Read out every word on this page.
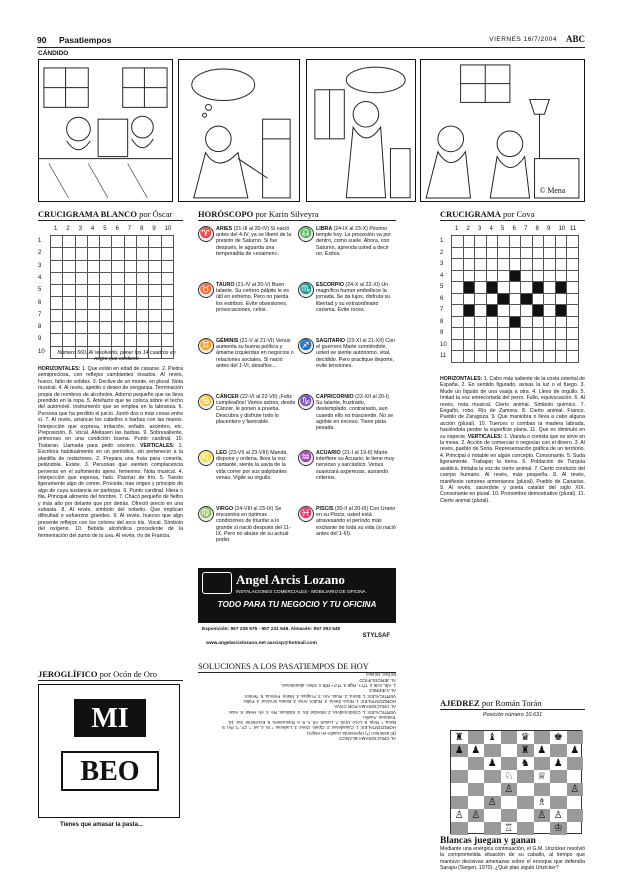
90 Pasatiempos	VIERNES 16/7/2004 ABC
CÁNDIDO
© Mena
CRUCIGRAMA BLANCO por Óscar
1 2 3 4 5 6 7 8 9 10
1
2
3
4
5
6
7
8
9
10

										Número 560. Al resolverlo, poner los 14 cuadros en negro que contiene
HORIZONTALES: 1. Que están en edad de casarse. 2. Piedra semipreciosa, con reflejos cambiantes irisados. Al revés, hueco, falto de solidez. 3. Declive de un monte, en plural. Nota musical. 4. Al revés, apetito o deseo de venganza. Terminación propia de nombres de alcoholes. Adorno pequeño que se lleva prendido en la ropa. 5. Artefacto que se coloca sobre el techo del automóvil. Instrumento que se emplea en la labranza. 6. Persona que ha perdido el juicio. Juntó dos o más cosas entre sí. 7. Al revés, arrancar los cabellos o barbas con las manos. Interjección que expresa, irritación, enfado, asombro, etc. Preposición. 8. Vocal. Afeitasen las barbas. 9. Sobresaliente, primoroso en una condición buena. Punto cardinal. 10. Tostaran. Llamada para pedir socorro. VERTICALES: 1. Escritora habitualmente en un periódico, sin pertenecer a la plantilla de redactores. 2. Prepara una fruta para comerla, pelándola. Existe. 3. Personas que sienten complacencia perversa en el sufrimiento ajeno, femenino. Nota musical. 4. Interjección que expresa, halo. Pasmar de frío. 5. Tuesto ligeramente algo de comer. Procede, trae origen y principio de algo de cuya sustancia se participa. 6. Punto cardinal. Hiera o fila. Principal alimento del hombre. 7. Chacó pequeño de fieltro y más alto por delante que por detrás. Ofreció precio en una subasta. 8. Al revés, símbolo del nobelio. Que implican dificultad o esfuerzos grandes. 9. Al revés, huecos que algo presente reflejos con los colores del arco iris. Vocal. Símbolo del oxígeno. 10. Bebida alcohólica procedente de la fermentación del zumo de la uva. Al revés, río de Francia.
HORÓSCOPO por Karin Silveyra
♈ ARIES (21-III al 20-IV) Si nació antes del 4-IV, ya se liberó de la presión de Saturno. Si fue después, le aguarda una temporadita de «examen».
♎ LIBRA (24-IX al 23-X) Pésimo temple hoy. La procesión va por dentro, como suele. Ahora, con Saturno, aprenda usted a decir no. Éxitos.
♉ TAURO (21-IV al 20-V) Buen talante. Su certero pálpito le es útil en extremo. Pero no pierda los estribos. Evite obsesiones, provocaciones, celos.
♏ ESCORPIO (24-X al 22-XI) Un magnífico humor embellece la jornada. Se da lujos, disfruta su libertad y su extraordinario carisma. Evite roces.
♊ GÉMINIS (21-V al 21-VI) Venus aumenta su buena política y ámame izquierdas en negocios o relaciones sociales. Si nació antes del 1-VI, desafíos...
♐ SAGITARIO (23-XI al 21-XII) Con el guerrero Marte sonriéndole, usted se siente autónomo, vital, decidido. Pero practique deporte, evite tensiones.
♋ CÁNCER (22-VI al 22-VII) ¡Feliz cumpleaños! Varios astros, desde Cáncer, le ponen a prueba. Descubra y disfrute todo lo placentero y favorable.
♑ CAPRICORNIO (22-XII al 20-I) Su talante, frustrado, destemplado, contrariado, aun cuando ello no trasciende. No se agobie en exceso. Tiene pista pesada.
♌ LEO (23-VII al 23-VIII) Mandá, dispone y ordena, lleva la voz cantante, siente la savia de la vida correr por sus palpitantes venas. Vigile su orgullo.
♒ ACUARIO (21-I al 19-II) Marte interfiere su Acuario; le tiene muy nervioso y sarcástico. Venus suavizará asperezas, aunando criterios.
♍ VIRGO (24-VIII al 23-IX) Se encuentra en óptimas condiciones de triunfar a lo grande si nació después del 11-IX. Pero no abuse de su actual poder.
♓ PISCIS (20-II al 20-III) Con Urano en su Piscis, usted está atravesando el período más excitante de toda su vida (si nació antes del 1-III).
Angel Arcis Lozano
INSTALACIONES COMERCIALES - MOBILIARIO DE OFICINA
TODO PARA TU NEGOCIO Y TU OFICINA
Exposición: 957 235 575 - 957 231 948. Almacén: 957 293 545
www.angelarcislozano.net aarcisp@hotmail.com
STYLSAF
SOLUCIONES A LOS PASATIEMPOS DE HOY
AL CRUCIGRAMA BLANCO
(El asterisco (*) representa cuadro en negro)
HORIZONTALES: 1. Casaderas. 2. Ópalo. Oniul. 3. Laderas. * Si. 4. arr. *. O*. *l. Pin. 5.
Baca. *. Reja. 6. Loco. Unió. 7. Lanart. Ah. A. 8. A. Rasurasen. 9. Excelente. Sur. 10.
Tostaran. Auxilio.
VERTICALES: 1. Colaboradora. 2. Mondar. Es. 3. Sádicas. Re. 4. Ah. Helar. 5. Asar.
AL CRUCIGRAMA POR COVA
HORIZONTALES: 1. Roca. Iberia. 2. Rubor. Ama. 3. Brasa. Encinar. 4. Falta.
VERTICALES: 1. Barra. 2. Ruta. Aro. 3. Fragua. 4. Mano. Fenicia. 5. Tensor.
AL AJEDREZ
1. Af6, Cd6 2. Tf7+, Rg8 3. Th7+ Rf8 4. Dh6+ abandonan.
AL JEROGLÍFICO
Mi beo, Mi Beo
CRUCIGRAMA por Cova
1 2 3 4 5 6 7 8 9 10 11
1
2
3
4
5
6
7
8
9
10
11

HORIZONTALES: 1. Cabo más saliente de la costa oriental de España. 2. En sentido figurado, avivas la luz o el fuego. 3. Mude un líquido de una vasija a otra. 4. Lleno de orgullo. 5. Imitad la voz entrecortada del perro. Fallo, equivocación. 6. Al revés, nota musical. Cierto animal. Símbolo químico. 7. Engaño, robo. Río de Zamora. 8. Cierto animal. Franco. Pueblo de Zaragoza. 9. Que maniobra o lleva a cabo alguna acción (plural). 10. Tuerces o combas la madera labrada, haciéndola perder la superficie plana. 11. Que es diminuto en su especie. VERTICALES: 1. Vianda o comida que se sirve en la mesa. 2. Acción de comerciar o negociar con el dinero. 3. Al revés, pueblo de Soria. Representación gráfica de un territorio. 4. Principal o notable en algún concepto. Consonante. 5. Suda ligeramente. Trabajan la tierra. 6. Población de Turquía asiática. Imitaba la voz de cierto animal. 7. Cierto conducto del cuerpo humano. Al revés, más pequeña. 8. Al revés, manifiesto rumores armenianos (plural). Pueblo de Canarias. 9. Al revés, sacerdote y poeta catalán del siglo XIX. Consonante en plural. 10. Pronombre demostrativo (plural). 11. Cierto animal (plural).
AJEDREZ por Román Torán
Posición número 10.631
♜	♝	♛	♚
♟ ♟	♜ ♟	♟
♟	♞	♟
♘	♕
♙	♙
♙	♗
♙ ♙	♙ ♙
♖	♔
Blancas juegan y ganan
Mediante una enérgica continuación, el G.M. Unzicker resolvió la comprometida situación de su caballo, al tiempo que mantuvo decisivas amenazas sobre el enroque que defendía Sarapu (Siegen, 1970). ¿Qué plan siguió Unzicker?
JEROGLÍFICO por Ocón de Oro
MI
BEO
Tienes que amasar la pasta...
